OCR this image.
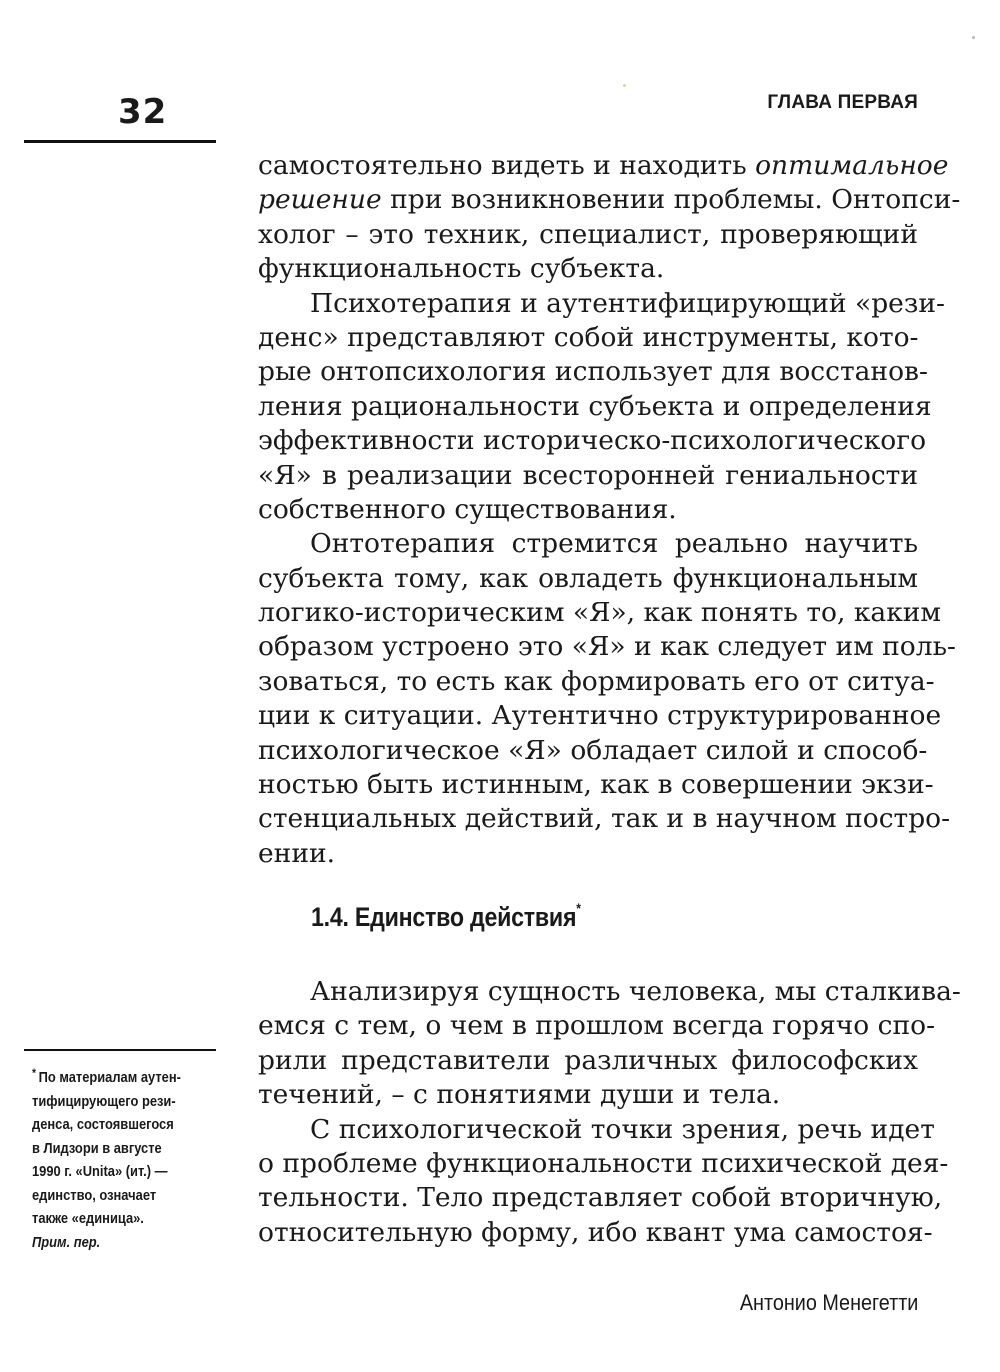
32	ГЛАВА ПЕРВАЯ
самостоятельно видеть и находить оптимальное
решение при возникновении проблемы. Онтопси-
холог – это техник, специалист, проверяющий
функциональность субъекта.
Психотерапия и аутентифицирующий «рези-
денс» представляют собой инструменты, кото-
рые онтопсихология использует для восстанов-
ления рациональности субъекта и определения
эффективности историческо-психологического
«Я» в реализации всесторонней гениальности
собственного существования.
Онтотерапия стремится реально научить
субъекта тому, как овладеть функциональным
логико-историческим «Я», как понять то, каким
образом устроено это «Я» и как следует им поль-
зоваться, то есть как формировать его от ситуа-
ции к ситуации. Аутентично структурированное
психологическое «Я» обладает силой и способ-
ностью быть истинным, как в совершении экзи-
стенциальных действий, так и в научном постро-
ении.
1.4. Единство действия*
Анализируя сущность человека, мы сталкива-
емся с тем, о чем в прошлом всегда горячо спо-
рили представители различных философских
течений, – с понятиями души и тела.
С психологической точки зрения, речь идет
о проблеме функциональности психической дея-
тельности. Тело представляет собой вторичную,
относительную форму, ибо квант ума самостоя-
* По материалам аутен-
тифицирующего рези-
денса, состоявшегося
в Лидзори в августе
1990 г. «Unita» (ит.) —
единство, означает
также «единица».
Прим. пер.
Антонио Менегетти
